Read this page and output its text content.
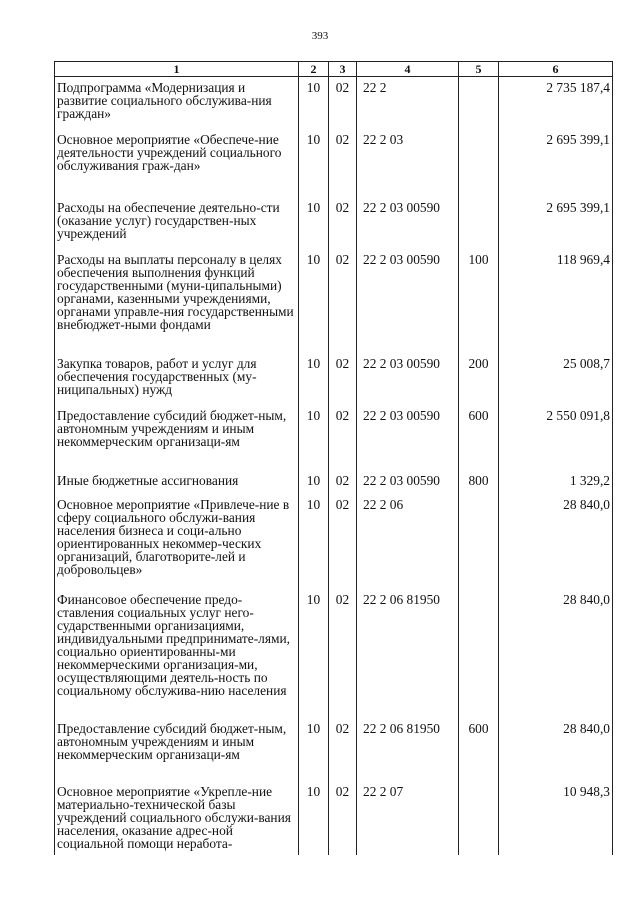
393
1	2	3	4	5	6
Подпрограмма «Модернизация и развитие социального обслужива-ния граждан»	10	02	22 2		2 735 187,4
Основное мероприятие «Обеспече-ние деятельности учреждений социального обслуживания граж-дан»	10	02	22 2 03		2 695 399,1
Расходы на обеспечение деятельно-сти (оказание услуг) государствен-ных учреждений	10	02	22 2 03 00590		2 695 399,1
Расходы на выплаты персоналу в целях обеспечения выполнения функций государственными (муни-ципальными) органами, казенными учреждениями, органами управле-ния государственными внебюджет-ными фондами	10	02	22 2 03 00590	100	118 969,4
Закупка товаров, работ и услуг для обеспечения государственных (му-ниципальных) нужд	10	02	22 2 03 00590	200	25 008,7
Предоставление субсидий бюджет-ным, автономным учреждениям и иным некоммерческим организаци-ям	10	02	22 2 03 00590	600	2 550 091,8
Иные бюджетные ассигнования	10	02	22 2 03 00590	800	1 329,2
Основное мероприятие «Привлече-ние в сферу социального обслужи-вания населения бизнеса и соци-ально ориентированных некоммер-ческих организаций, благотворите-лей и добровольцев»	10	02	22 2 06		28 840,0
Финансовое обеспечение предо-ставления социальных услуг него-сударственными организациями, индивидуальными предпринимате-лями, социально ориентированны-ми некоммерческими организация-ми, осуществляющими деятель-ность по социальному обслужива-нию населения	10	02	22 2 06 81950		28 840,0
Предоставление субсидий бюджет-ным, автономным учреждениям и иным некоммерческим организаци-ям	10	02	22 2 06 81950	600	28 840,0
Основное мероприятие «Укрепле-ние материально-технической базы учреждений социального обслужи-вания населения, оказание адрес-ной социальной помощи неработа-	10	02	22 2 07		10 948,3
